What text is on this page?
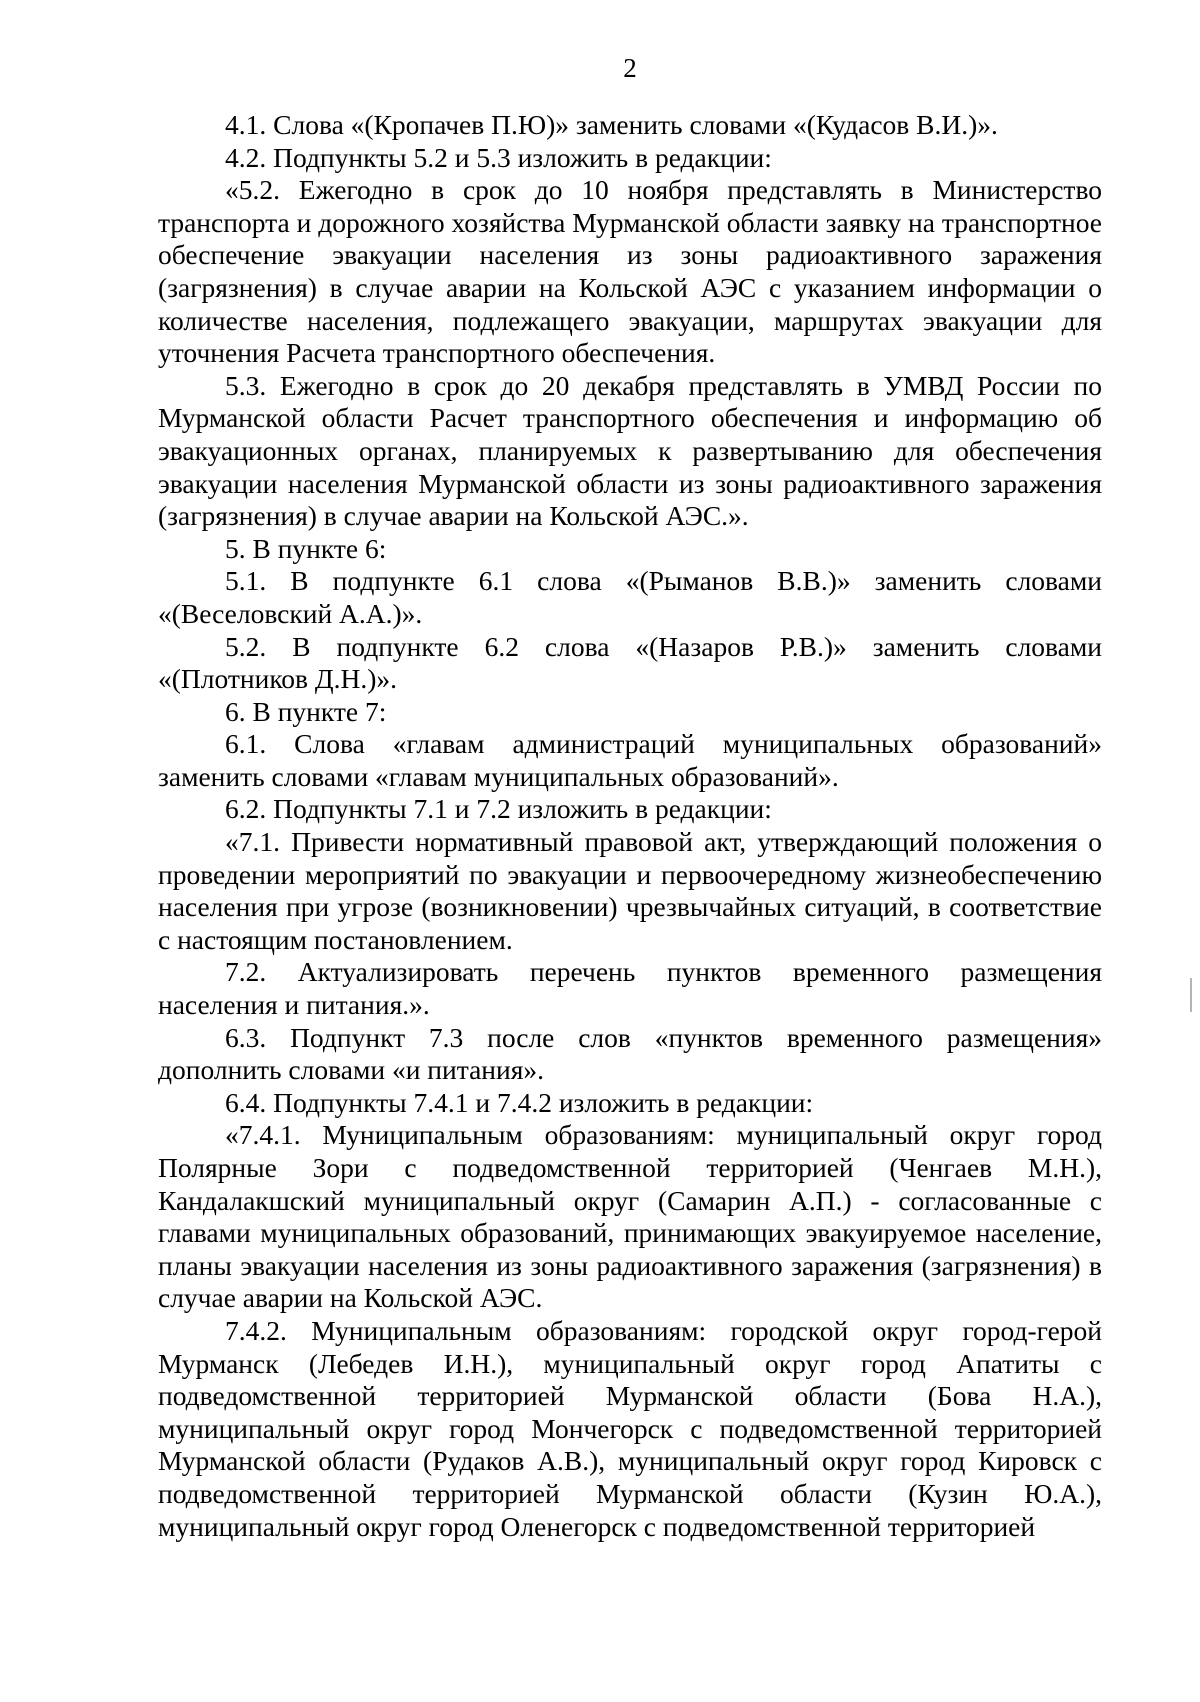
2

4.1. Слова «(Кропачев П.Ю)» заменить словами «(Кудасов В.И.)».

4.2. Подпункты 5.2 и 5.3 изложить в редакции:

«5.2. Ежегодно в срок до 10 ноября представлять в Министерство транспорта и дорожного хозяйства Мурманской области заявку на транспортное обеспечение эвакуации населения из зоны радиоактивного заражения (загрязнения) в случае аварии на Кольской АЭС с указанием информации о количестве населения, подлежащего эвакуации, маршрутах эвакуации для уточнения Расчета транспортного обеспечения.

5.3. Ежегодно в срок до 20 декабря представлять в УМВД России по Мурманской области Расчет транспортного обеспечения и информацию об эвакуационных органах, планируемых к развертыванию для обеспечения эвакуации населения Мурманской области из зоны радиоактивного заражения (загрязнения) в случае аварии на Кольской АЭС.».

5. В пункте 6:

5.1. В подпункте 6.1 слова «(Рыманов В.В.)» заменить словами «(Веселовский А.А.)».

5.2. В подпункте 6.2 слова «(Назаров Р.В.)» заменить словами «(Плотников Д.Н.)».

6. В пункте 7:

6.1. Слова «главам администраций муниципальных образований» заменить словами «главам муниципальных образований».

6.2. Подпункты 7.1 и 7.2 изложить в редакции:

«7.1. Привести нормативный правовой акт, утверждающий положения о проведении мероприятий по эвакуации и первоочередному жизнеобеспечению населения при угрозе (возникновении) чрезвычайных ситуаций, в соответствие с настоящим постановлением.

7.2. Актуализировать перечень пунктов временного размещения населения и питания.».

6.3. Подпункт 7.3 после слов «пунктов временного размещения» дополнить словами «и питания».

6.4. Подпункты 7.4.1 и 7.4.2 изложить в редакции:

«7.4.1. Муниципальным образованиям: муниципальный округ город Полярные Зори с подведомственной территорией (Ченгаев М.Н.), Кандалакшский муниципальный округ (Самарин А.П.) - согласованные с главами муниципальных образований, принимающих эвакуируемое население, планы эвакуации населения из зоны радиоактивного заражения (загрязнения) в случае аварии на Кольской АЭС.

7.4.2. Муниципальным образованиям: городской округ город-герой Мурманск (Лебедев И.Н.), муниципальный округ город Апатиты с подведомственной территорией Мурманской области (Бова Н.А.), муниципальный округ город Мончегорск с подведомственной территорией Мурманской области (Рудаков А.В.), муниципальный округ город Кировск с подведомственной территорией Мурманской области (Кузин Ю.А.), муниципальный округ город Оленегорск с подведомственной территорией
